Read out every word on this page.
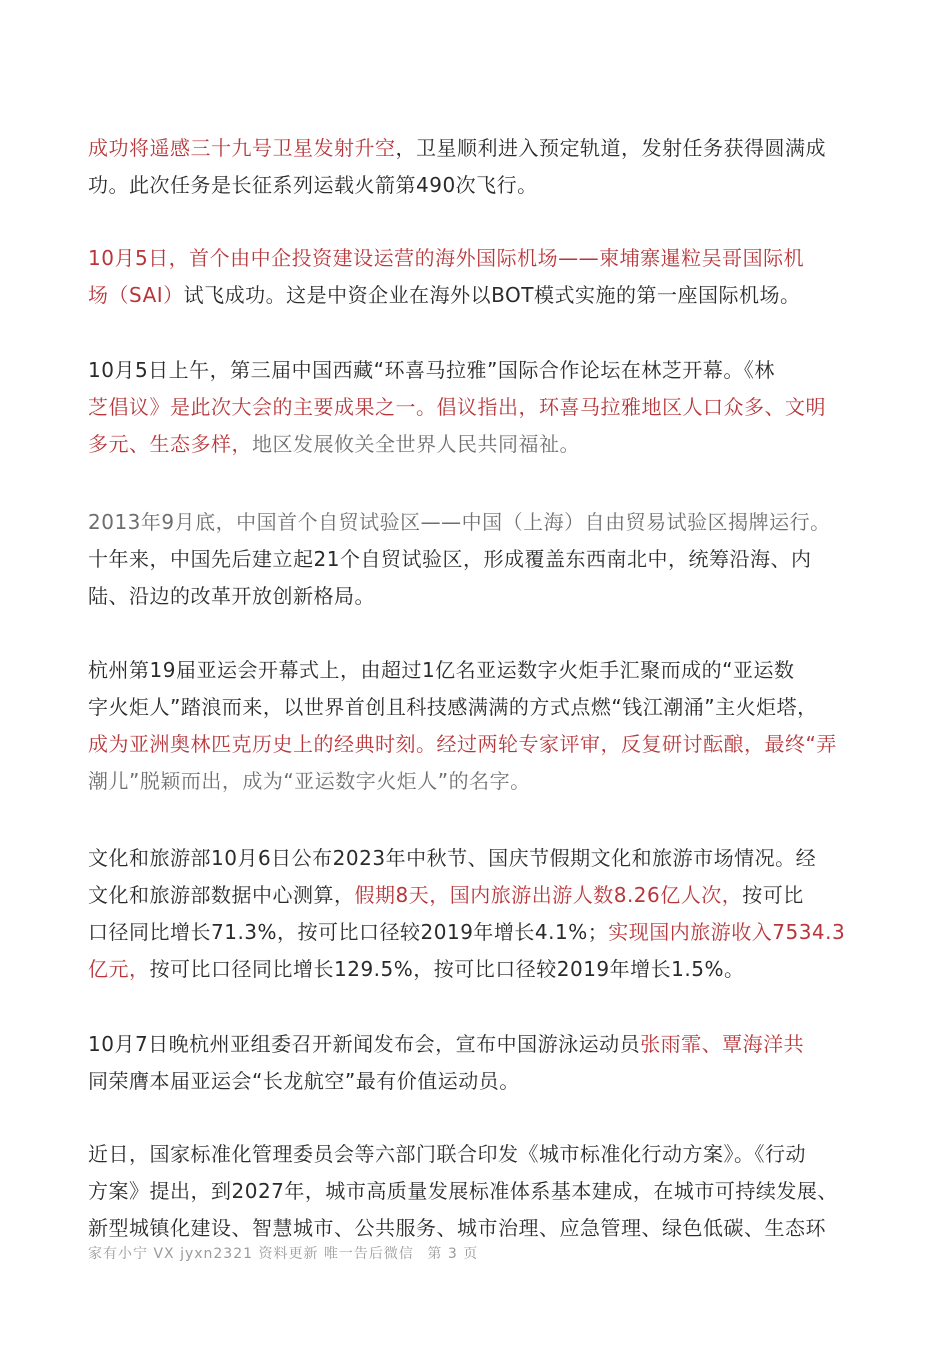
成功将遥感三十九号卫星发射升空，卫星顺利进入预定轨道，发射任务获得圆满成
功。此次任务是长征系列运载火箭第490次飞行。
10月5日，首个由中企投资建设运营的海外国际机场——柬埔寨暹粒吴哥国际机
场（SAI）试飞成功。这是中资企业在海外以BOT模式实施的第一座国际机场。
10月5日上午，第三届中国西藏“环喜马拉雅”国际合作论坛在林芝开幕。《林
芝倡议》是此次大会的主要成果之一。倡议指出，环喜马拉雅地区人口众多、文明
多元、生态多样，地区发展攸关全世界人民共同福祉。
2013年9月底，中国首个自贸试验区——中国（上海）自由贸易试验区揭牌运行。
十年来，中国先后建立起21个自贸试验区，形成覆盖东西南北中，统筹沿海、内
陆、沿边的改革开放创新格局。
杭州第19届亚运会开幕式上，由超过1亿名亚运数字火炬手汇聚而成的“亚运数
字火炬人”踏浪而来，以世界首创且科技感满满的方式点燃“钱江潮涌”主火炬塔，
成为亚洲奥林匹克历史上的经典时刻。经过两轮专家评审，反复研讨酝酿，最终“弄
潮儿”脱颖而出，成为“亚运数字火炬人”的名字。
文化和旅游部10月6日公布2023年中秋节、国庆节假期文化和旅游市场情况。经
文化和旅游部数据中心测算，假期8天，国内旅游出游人数8.26亿人次，按可比
口径同比增长71.3%，按可比口径较2019年增长4.1%；实现国内旅游收入7534.3
亿元，按可比口径同比增长129.5%，按可比口径较2019年增长1.5%。
10月7日晚杭州亚组委召开新闻发布会，宣布中国游泳运动员张雨霏、覃海洋共
同荣膺本届亚运会“长龙航空”最有价值运动员。
近日，国家标准化管理委员会等六部门联合印发《城市标准化行动方案》。《行动
方案》提出，到2027年，城市高质量发展标准体系基本建成，在城市可持续发展、
新型城镇化建设、智慧城市、公共服务、城市治理、应急管理、绿色低碳、生态环
家有小宁 VX jyxn2321 资料更新 唯一告后微信 第 3 页
